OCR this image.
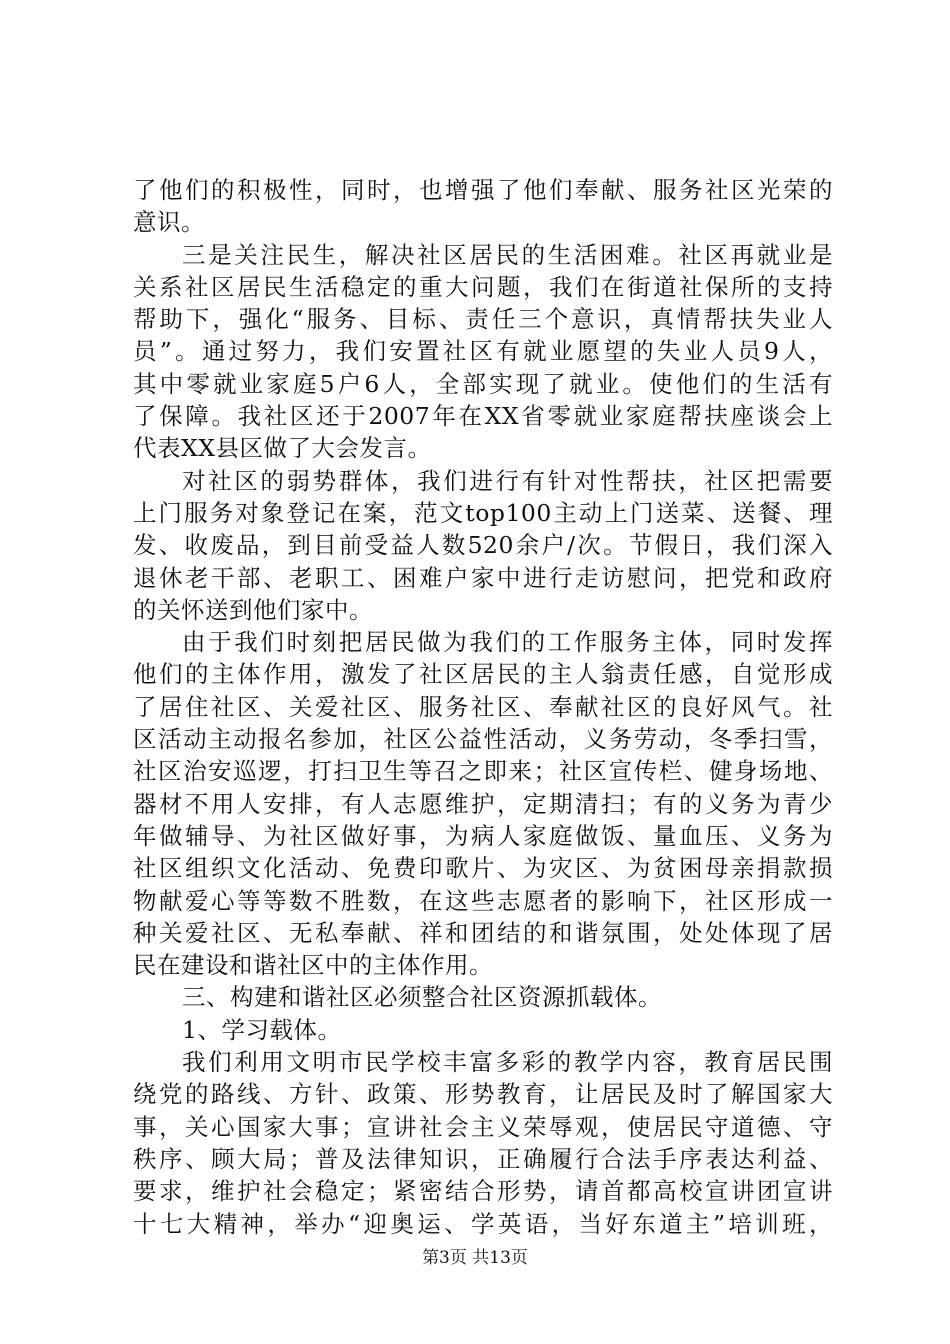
了他们的积极性，同时，也增强了他们奉献、服务社区光荣的
意识。
三是关注民生，解决社区居民的生活困难。社区再就业是
关系社区居民生活稳定的重大问题，我们在街道社保所的支持
帮助下，强化“服务、目标、责任三个意识，真情帮扶失业人
员”。通过努力，我们安置社区有就业愿望的失业人员9人，
其中零就业家庭5户6人，全部实现了就业。使他们的生活有
了保障。我社区还于2007年在XX省零就业家庭帮扶座谈会上
代表XX县区做了大会发言。
对社区的弱势群体，我们进行有针对性帮扶，社区把需要
上门服务对象登记在案，范文top100主动上门送菜、送餐、理
发、收废品，到目前受益人数520余户/次。节假日，我们深入
退休老干部、老职工、困难户家中进行走访慰问，把党和政府
的关怀送到他们家中。
由于我们时刻把居民做为我们的工作服务主体，同时发挥
他们的主体作用，激发了社区居民的主人翁责任感，自觉形成
了居住社区、关爱社区、服务社区、奉献社区的良好风气。社
区活动主动报名参加，社区公益性活动，义务劳动，冬季扫雪，
社区治安巡逻，打扫卫生等召之即来；社区宣传栏、健身场地、
器材不用人安排，有人志愿维护，定期清扫；有的义务为青少
年做辅导、为社区做好事，为病人家庭做饭、量血压、义务为
社区组织文化活动、免费印歌片、为灾区、为贫困母亲捐款损
物献爱心等等数不胜数，在这些志愿者的影响下，社区形成一
种关爱社区、无私奉献、祥和团结的和谐氛围，处处体现了居
民在建设和谐社区中的主体作用。
三、构建和谐社区必须整合社区资源抓载体。
1、学习载体。
我们利用文明市民学校丰富多彩的教学内容，教育居民围
绕党的路线、方针、政策、形势教育，让居民及时了解国家大
事，关心国家大事；宣讲社会主义荣辱观，使居民守道德、守
秩序、顾大局；普及法律知识，正确履行合法手序表达利益、
要求，维护社会稳定；紧密结合形势，请首都高校宣讲团宣讲
十七大精神，举办“迎奥运、学英语，当好东道主”培训班，
第3页 共13页
